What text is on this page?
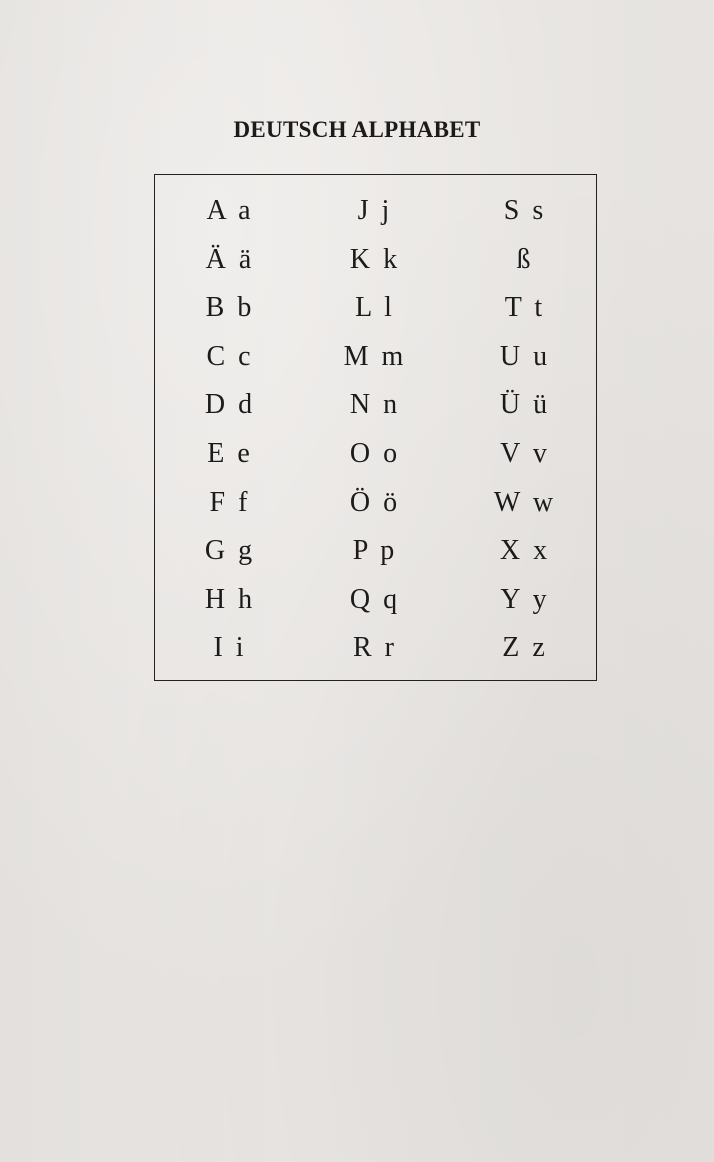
DEUTSCH ALPHABET
A a
Ä ä
B b
C c
D d
E e
F f
G g
H h
I i
J j
K k
L l
M m
N n
O o
Ö ö
P p
Q q
R r
S s
ß
T t
U u
Ü ü
V v
W w
X x
Y y
Z z
